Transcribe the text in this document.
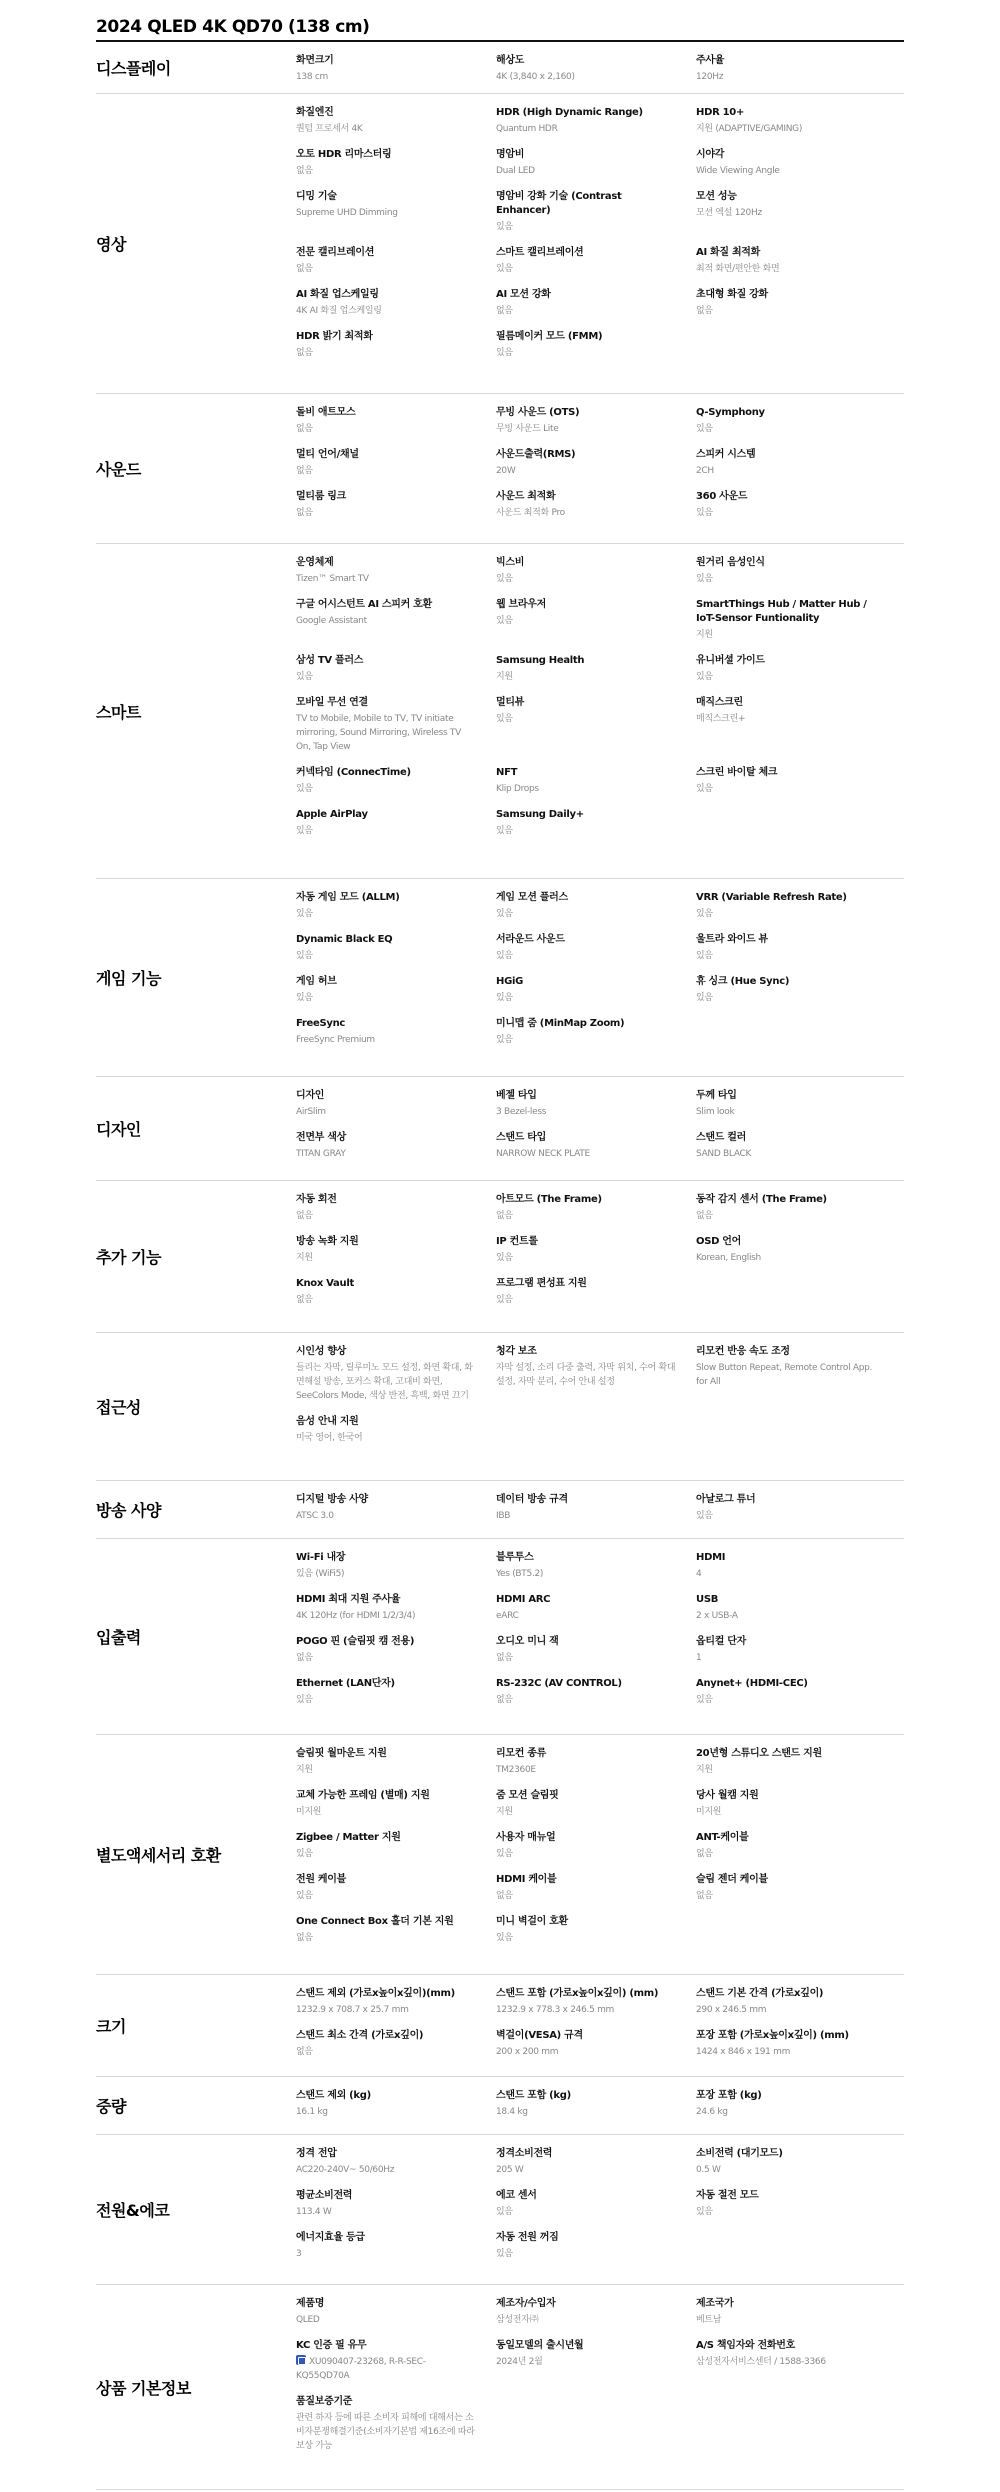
2024 QLED 4K QD70 (138 cm)
디스플레이	화면크기
138 cm
해상도
4K (3,840 x 2,160)
주사율
120Hz
영상
화질엔진
퀀텀 프로세서 4K
HDR (High Dynamic Range)
Quantum HDR
HDR 10+
지원 (ADAPTIVE/GAMING)
오토 HDR 리마스터링
없음
명암비
Dual LED
시야각
Wide Viewing Angle
디밍 기술
Supreme UHD Dimming
명암비 강화 기술 (Contrast Enhancer)
있음
모션 성능
모션 엑설 120Hz
전문 캘리브레이션
없음
스마트 캘리브레이션
있음
AI 화질 최적화
최적 화면/편안한 화면
AI 화질 업스케일링
4K AI 화질 업스케일링
AI 모션 강화
없음
초대형 화질 강화
없음
HDR 밝기 최적화
없음
필름메이커 모드 (FMM)
있음
사운드
돌비 애트모스
없음
무빙 사운드 (OTS)
무빙 사운드 Lite
Q-Symphony
있음
멀티 언어/채널
없음
사운드출력(RMS)
20W
스피커 시스템
2CH
멀티룸 링크
없음
사운드 최적화
사운드 최적화 Pro
360 사운드
있음
스마트
운영체제
Tizen™ Smart TV
빅스비
있음
원거리 음성인식
있음
구글 어시스턴트 AI 스피커 호환
Google Assistant
웹 브라우저
있음
SmartThings Hub / Matter Hub / IoT-Sensor Funtionality
지원
삼성 TV 플러스
있음
Samsung Health
지원
유니버셜 가이드
있음
모바일 무선 연결
TV to Mobile, Mobile to TV, TV initiate mirroring, Sound Mirroring, Wireless TV On, Tap View
멀티뷰
있음
매직스크린
매직스크린+
커넥타임 (ConnecTime)
있음
NFT
Klip Drops
스크린 바이탈 체크
있음
Apple AirPlay
있음
Samsung Daily+
있음
게임 기능
자동 게임 모드 (ALLM)
있음
게임 모션 플러스
있음
VRR (Variable Refresh Rate)
있음
Dynamic Black EQ
있음
서라운드 사운드
있음
울트라 와이드 뷰
있음
게임 허브
있음
HGiG
있음
휴 싱크 (Hue Sync)
있음
FreeSync
FreeSync Premium
미니맵 줌 (MinMap Zoom)
있음
디자인
디자인
AirSlim
베젤 타입
3 Bezel-less
두께 타입
Slim look
전면부 색상
TITAN GRAY
스탠드 타입
NARROW NECK PLATE
스탠드 컬러
SAND BLACK
추가 기능
자동 회전
없음
아트모드 (The Frame)
없음
동작 감지 센서 (The Frame)
없음
방송 녹화 지원
지원
IP 컨트롤
있음
OSD 언어
Korean, English
Knox Vault
없음
프로그램 편성표 지원
있음
접근성
시인성 향상
들리는 자막, 릴루미노 모드 설정, 화면 확대, 화면해설 방송, 포커스 확대, 고대비 화면, SeeColors Mode, 색상 반전, 흑백, 화면 끄기
청각 보조
자막 설정, 소리 다중 출력, 자막 위치, 수어 확대 설정, 자막 분리, 수어 안내 설정
리모컨 반응 속도 조정
Slow Button Repeat, Remote Control App. for All
음성 안내 지원
미국 영어, 한국어
방송 사양
디지털 방송 사양
ATSC 3.0
데이터 방송 규격
IBB
아날로그 튜너
있음
입출력
Wi-Fi 내장
있음 (WiFi5)
블루투스
Yes (BT5.2)
HDMI
4
HDMI 최대 지원 주사율
4K 120Hz (for HDMI 1/2/3/4)
HDMI ARC
eARC
USB
2 x USB-A
POGO 핀 (슬림핏 캠 전용)
없음
오디오 미니 잭
없음
옵티컬 단자
1
Ethernet (LAN단자)
있음
RS-232C (AV CONTROL)
없음
Anynet+ (HDMI-CEC)
있음
별도액세서리 호환
슬림핏 월마운트 지원
지원
리모컨 종류
TM2360E
20년형 스튜디오 스탠드 지원
지원
교체 가능한 프레임 (별매) 지원
미지원
줌 모션 슬림핏
지원
당사 월캠 지원
미지원
Zigbee / Matter 지원
있음
사용자 매뉴얼
있음
ANT-케이블
없음
전원 케이블
있음
HDMI 케이블
없음
슬림 젠더 케이블
없음
One Connect Box 홀더 기본 지원
없음
미니 벽걸이 호환
있음
크기
스탠드 제외 (가로x높이x깊이)(mm)
1232.9 x 708.7 x 25.7 mm
스탠드 포함 (가로x높이x깊이) (mm)
1232.9 x 778.3 x 246.5 mm
스탠드 기본 간격 (가로x깊이)
290 x 246.5 mm
스탠드 최소 간격 (가로x깊이)
없음
벽걸이(VESA) 규격
200 x 200 mm
포장 포함 (가로x높이x깊이) (mm)
1424 x 846 x 191 mm
중량
스탠드 제외 (kg)
16.1 kg
스탠드 포함 (kg)
18.4 kg
포장 포함 (kg)
24.6 kg
전원&에코
정격 전압
AC220-240V~ 50/60Hz
정격소비전력
205 W
소비전력 (대기모드)
0.5 W
평균소비전력
113.4 W
에코 센서
있음
자동 절전 모드
있음
에너지효율 등급
3
자동 전원 꺼짐
있음
상품 기본정보
제품명
QLED
제조자/수입자
삼성전자㈜
제조국가
베트남
KC 인증 필 유무
XU090407-23268, R-R-SEC-KQ55QD70A
동일모델의 출시년월
2024년 2월
A/S 책임자와 전화번호
삼성전자서비스센터 / 1588-3366
품질보증기준
관련 하자 등에 따른 소비자 피해에 대해서는 소비자분쟁해결기준(소비자기본법 제16조에 따라 보상 가능
